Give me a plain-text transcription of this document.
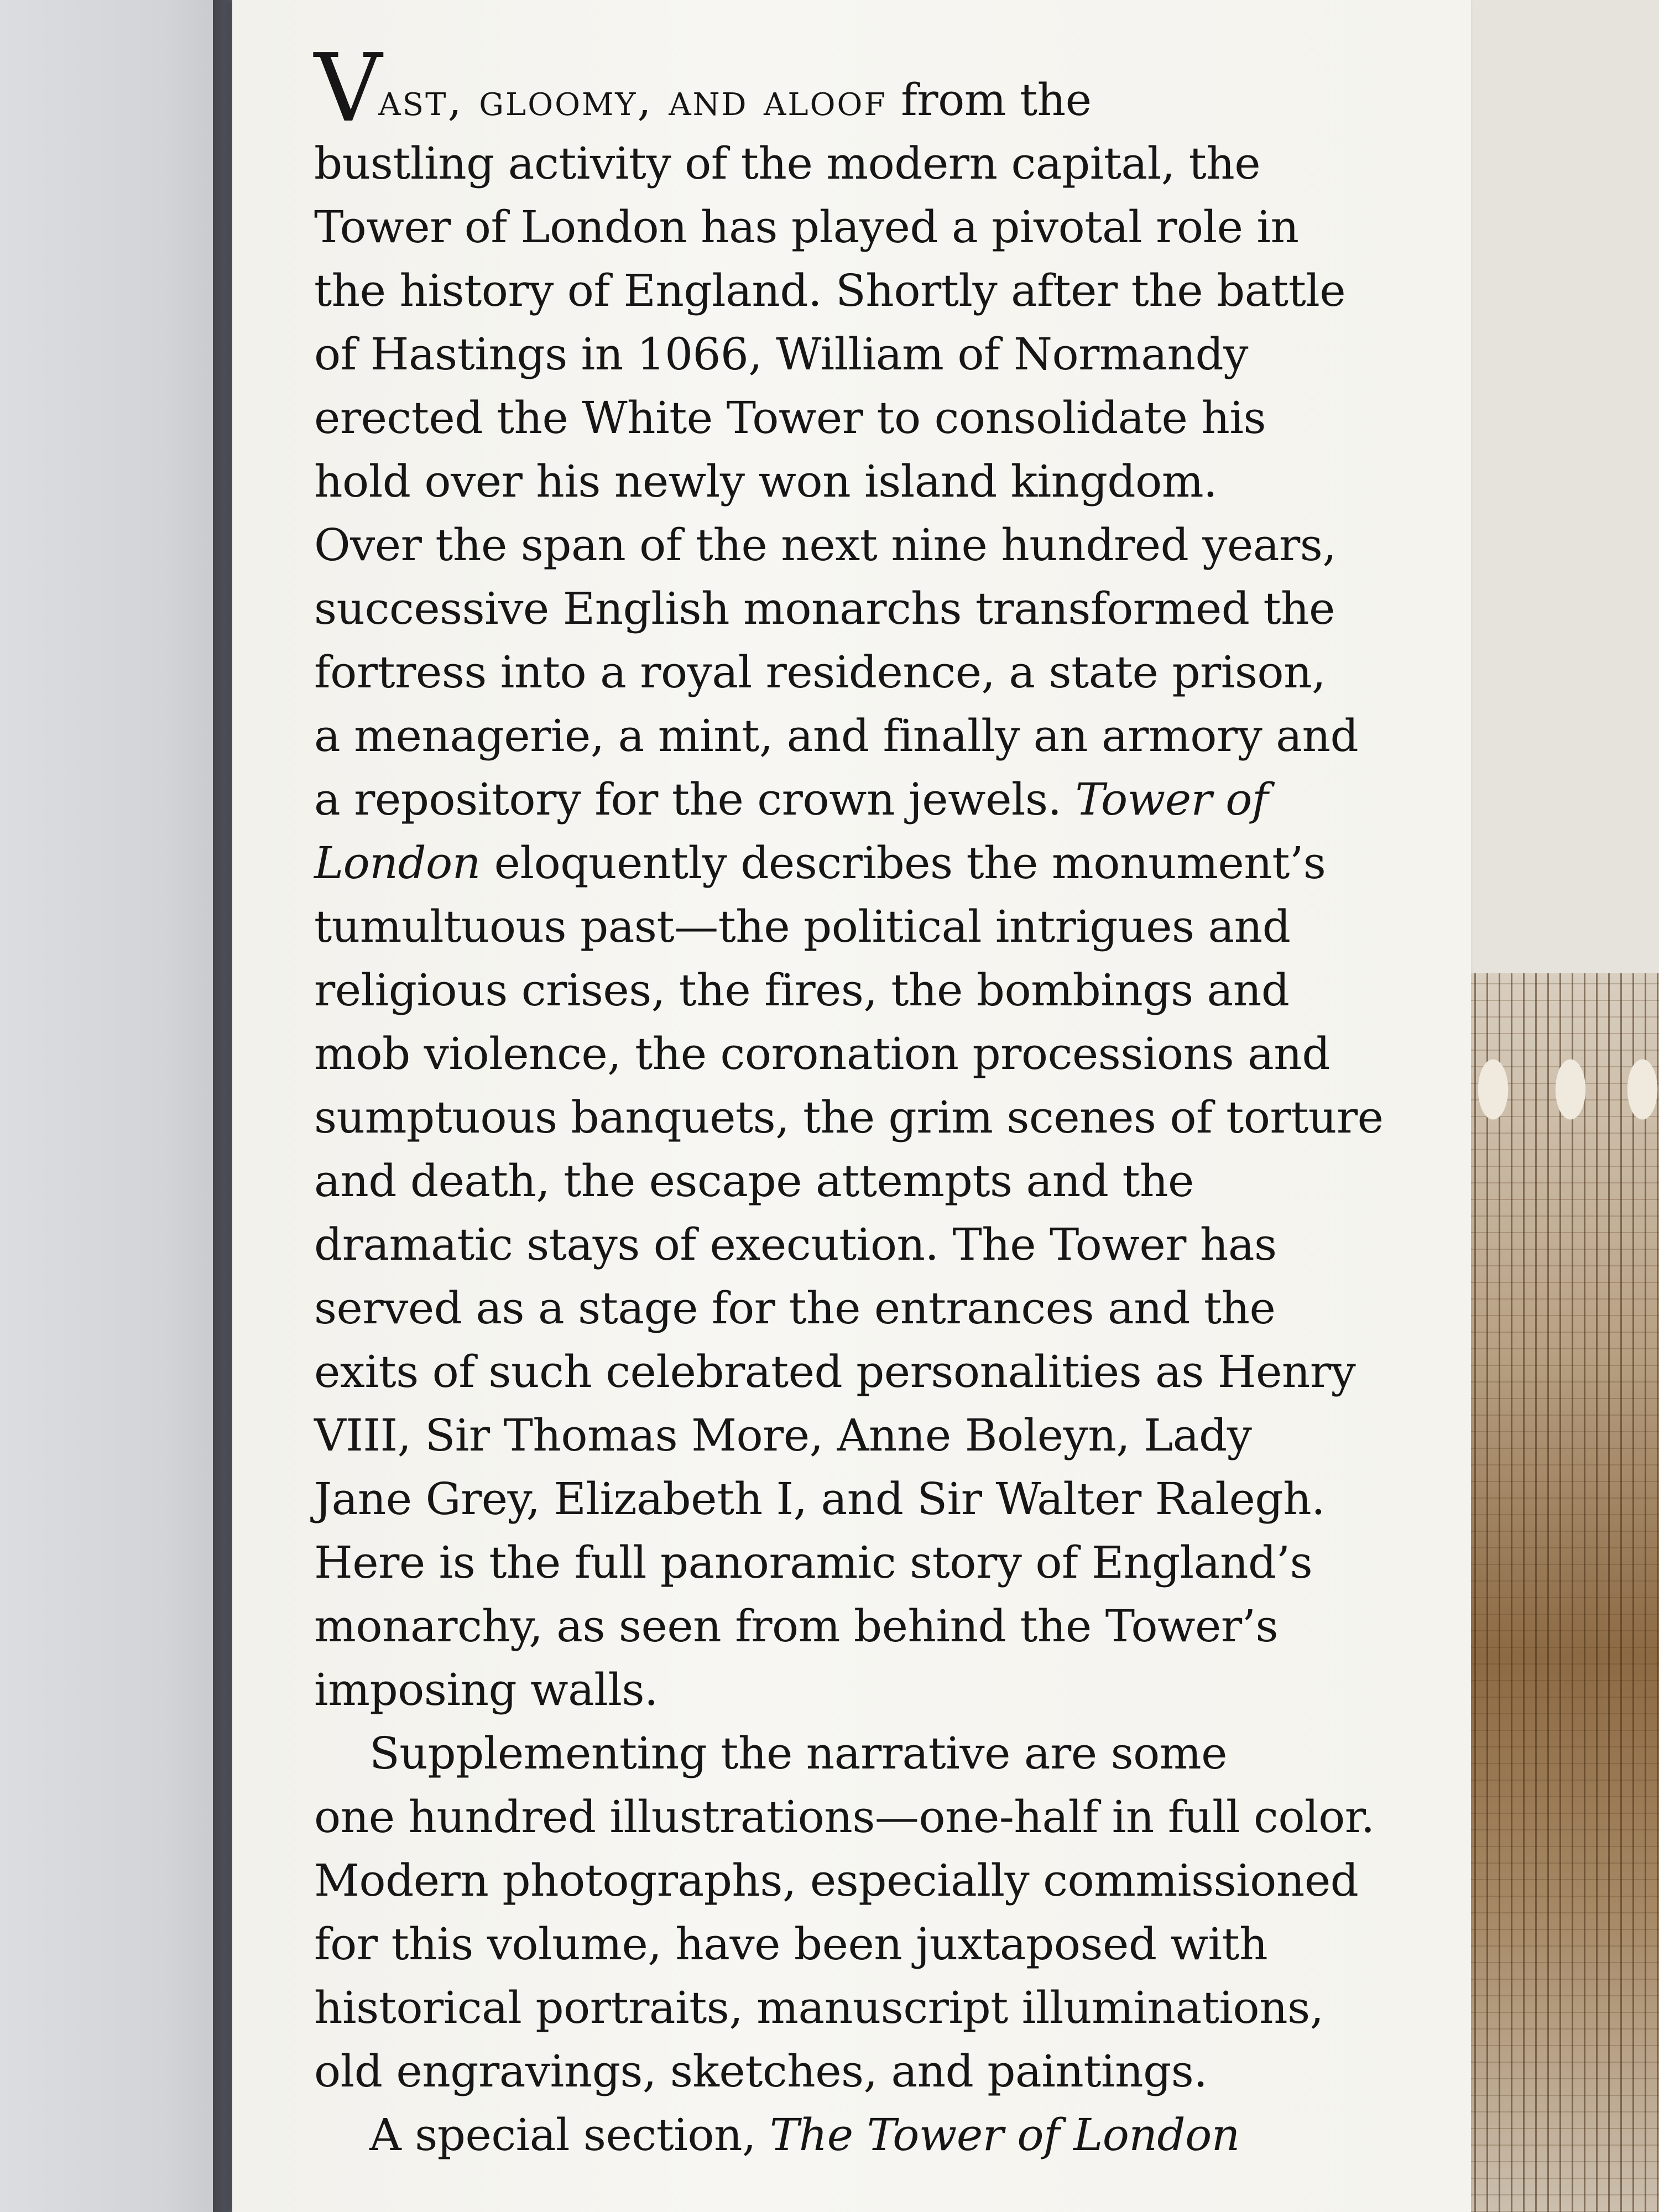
Vast, gloomy, and aloof from the
bustling activity of the modern capital, the
Tower of London has played a pivotal role in
the history of England. Shortly after the battle
of Hastings in 1066, William of Normandy
erected the White Tower to consolidate his
hold over his newly won island kingdom.
Over the span of the next nine hundred years,
successive English monarchs transformed the
fortress into a royal residence, a state prison,
a menagerie, a mint, and finally an armory and
a repository for the crown jewels. Tower of
London eloquently describes the monument’s
tumultuous past—the political intrigues and
religious crises, the fires, the bombings and
mob violence, the coronation processions and
sumptuous banquets, the grim scenes of torture
and death, the escape attempts and the
dramatic stays of execution. The Tower has
served as a stage for the entrances and the
exits of such celebrated personalities as Henry
VIII, Sir Thomas More, Anne Boleyn, Lady
Jane Grey, Elizabeth I, and Sir Walter Ralegh.
Here is the full panoramic story of England’s
monarchy, as seen from behind the Tower’s
imposing walls.
Supplementing the narrative are some
one hundred illustrations—one-half in full color.
Modern photographs, especially commissioned
for this volume, have been juxtaposed with
historical portraits, manuscript illuminations,
old engravings, sketches, and paintings.
A special section, The Tower of London
